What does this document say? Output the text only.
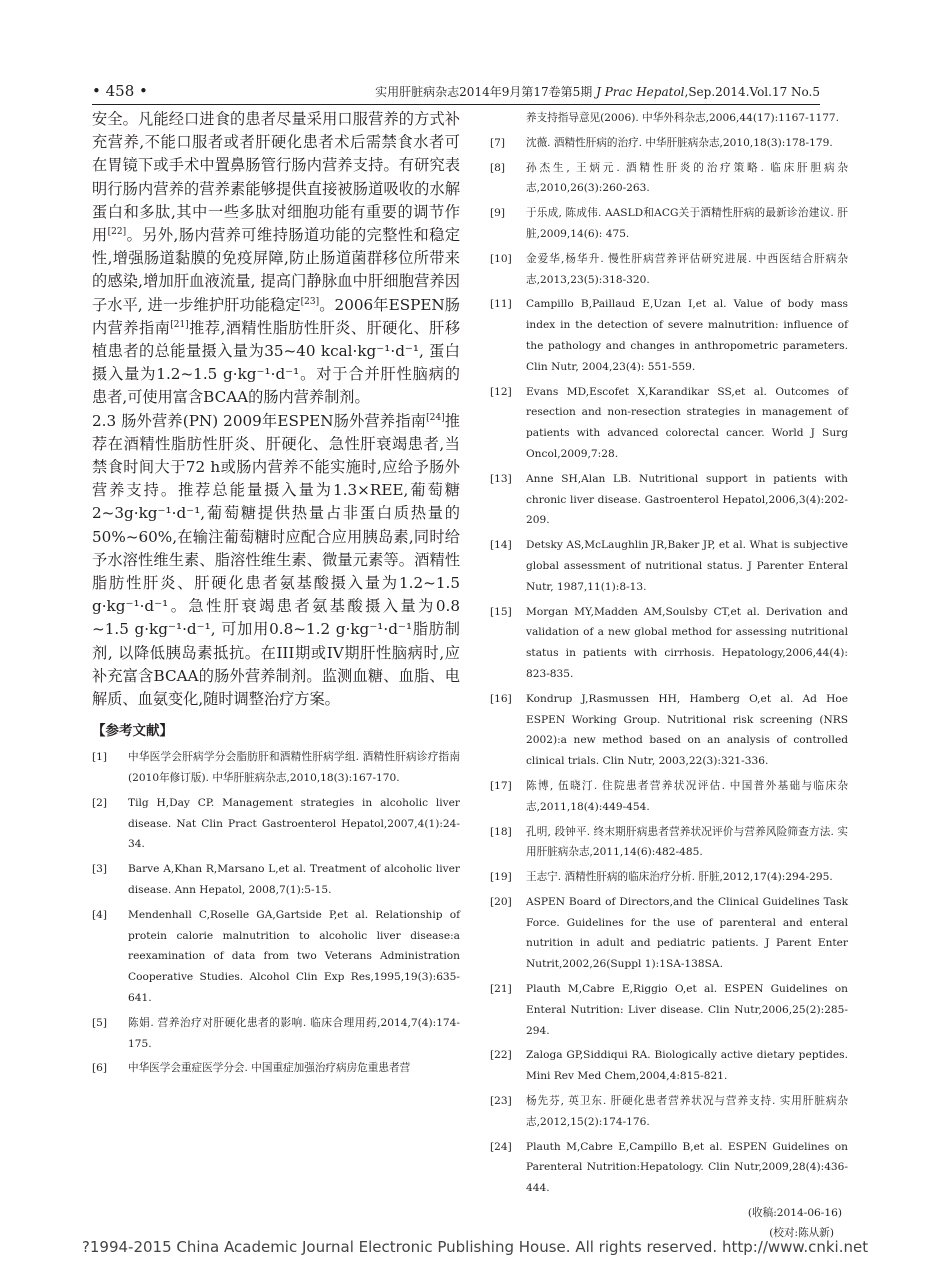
• 458 •	实用肝脏病杂志2014年9月第17卷第5期 J Prac Hepatol,Sep.2014.Vol.17 No.5

安全。凡能经口进食的患者尽量采用口服营养的方式补充营养,不能口服者或者肝硬化患者术后需禁食水者可在胃镜下或手术中置鼻肠管行肠内营养支持。有研究表明行肠内营养的营养素能够提供直接被肠道吸收的水解蛋白和多肽,其中一些多肽对细胞功能有重要的调节作用[22]。另外,肠内营养可维持肠道功能的完整性和稳定性,增强肠道黏膜的免疫屏障,防止肠道菌群移位所带来的感染,增加肝血液流量, 提高门静脉血中肝细胞营养因子水平, 进一步维护肝功能稳定[23]。2006年ESPEN肠内营养指南[21]推荐,酒精性脂肪性肝炎、肝硬化、肝移植患者的总能量摄入量为35~40 kcal·kg⁻¹·d⁻¹, 蛋白摄入量为1.2~1.5 g·kg⁻¹·d⁻¹。对于合并肝性脑病的患者,可使用富含BCAA的肠内营养制剂。

2.3 肠外营养(PN) 2009年ESPEN肠外营养指南[24]推荐在酒精性脂肪性肝炎、肝硬化、急性肝衰竭患者,当禁食时间大于72 h或肠内营养不能实施时,应给予肠外营养支持。推荐总能量摄入量为1.3×REE,葡萄糖2~3g·kg⁻¹·d⁻¹,葡萄糖提供热量占非蛋白质热量的50%~60%,在输注葡萄糖时应配合应用胰岛素,同时给予水溶性维生素、脂溶性维生素、微量元素等。酒精性脂肪性肝炎、肝硬化患者氨基酸摄入量为1.2~1.5 g·kg⁻¹·d⁻¹。急性肝衰竭患者氨基酸摄入量为0.8 ~1.5 g·kg⁻¹·d⁻¹, 可加用0.8~1.2 g·kg⁻¹·d⁻¹脂肪制剂, 以降低胰岛素抵抗。在III期或IV期肝性脑病时,应补充富含BCAA的肠外营养制剂。监测血糖、血脂、电解质、血氨变化,随时调整治疗方案。

【参考文献】

[1] 中华医学会肝病学分会脂肪肝和酒精性肝病学组. 酒精性肝病诊疗指南(2010年修订版). 中华肝脏病杂志,2010,18(3):167-170.

[2] Tilg H,Day CP. Management strategies in alcoholic liver disease. Nat Clin Pract Gastroenterol Hepatol,2007,4(1):24-34.

[3] Barve A,Khan R,Marsano L,et al. Treatment of alcoholic liver disease. Ann Hepatol, 2008,7(1):5-15.

[4] Mendenhall C,Roselle GA,Gartside P,et al. Relationship of protein calorie malnutrition to alcoholic liver disease:a reexamination of data from two Veterans Administration Cooperative Studies. Alcohol Clin Exp Res,1995,19(3):635-641.

[5] 陈娟. 营养治疗对肝硬化患者的影响. 临床合理用药,2014,7(4):174-175.

[6] 中华医学会重症医学分会. 中国重症加强治疗病房危重患者营

养支持指导意见(2006). 中华外科杂志,2006,44(17):1167-1177.

[7] 沈薇. 酒精性肝病的治疗. 中华肝脏病杂志,2010,18(3):178-179.

[8] 孙杰生, 王炳元. 酒精性肝炎的治疗策略. 临床肝胆病杂志,2010,26(3):260-263.

[9] 于乐成, 陈成伟. AASLD和ACG关于酒精性肝病的最新诊治建议. 肝脏,2009,14(6): 475.

[10] 金爱华,杨华升. 慢性肝病营养评估研究进展. 中西医结合肝病杂志,2013,23(5):318-320.

[11] Campillo B,Paillaud E,Uzan I,et al. Value of body mass index in the detection of severe malnutrition: influence of the pathology and changes in anthropometric parameters. Clin Nutr, 2004,23(4): 551-559.

[12] Evans MD,Escofet X,Karandikar SS,et al. Outcomes of resection and non-resection strategies in management of patients with advanced colorectal cancer. World J Surg Oncol,2009,7:28.

[13] Anne SH,Alan LB. Nutritional support in patients with chronic liver disease. Gastroenterol Hepatol,2006,3(4):202-209.

[14] Detsky AS,McLaughlin JR,Baker JP, et al. What is subjective global assessment of nutritional status. J Parenter Enteral Nutr, 1987,11(1):8-13.

[15] Morgan MY,Madden AM,Soulsby CT,et al. Derivation and validation of a new global method for assessing nutritional status in patients with cirrhosis. Hepatology,2006,44(4): 823-835.

[16] Kondrup J,Rasmussen HH, Hamberg O,et al. Ad Hoe ESPEN Working Group. Nutritional risk screening (NRS 2002):a new method based on an analysis of controlled clinical trials. Clin Nutr, 2003,22(3):321-336.

[17] 陈博, 伍晓汀. 住院患者营养状况评估. 中国普外基础与临床杂志,2011,18(4):449-454.

[18] 孔明, 段钟平. 终末期肝病患者营养状况评价与营养风险筛查方法. 实用肝脏病杂志,2011,14(6):482-485.

[19] 王志宁. 酒精性肝病的临床治疗分析. 肝脏,2012,17(4):294-295.

[20] ASPEN Board of Directors,and the Clinical Guidelines Task Force. Guidelines for the use of parenteral and enteral nutrition in adult and pediatric patients. J Parent Enter Nutrit,2002,26(Suppl 1):1SA-138SA.

[21] Plauth M,Cabre E,Riggio O,et al. ESPEN Guidelines on Enteral Nutrition: Liver disease. Clin Nutr,2006,25(2):285-294.

[22] Zaloga GP,Siddiqui RA. Biologically active dietary peptides. Mini Rev Med Chem,2004,4:815-821.

[23] 杨先芬, 英卫东. 肝硬化患者营养状况与营养支持. 实用肝脏病杂志,2012,15(2):174-176.

[24] Plauth M,Cabre E,Campillo B,et al. ESPEN Guidelines on Parenteral Nutrition:Hepatology. Clin Nutr,2009,28(4):436-444.

(收稿:2014-06-16)
(校对:陈从新)
?1994-2015 China Academic Journal Electronic Publishing House. All rights reserved. http://www.cnki.net
